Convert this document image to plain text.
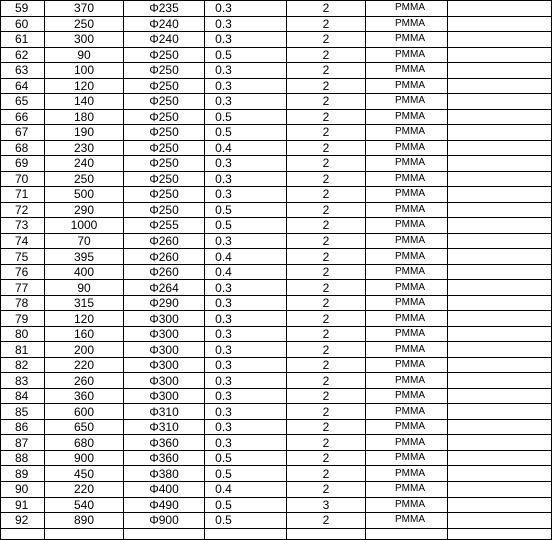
59	370	Φ235	0.3	2	PMMA	
60	250	Φ240	0.3	2	PMMA	
61	300	Φ240	0.3	2	PMMA	
62	90	Φ250	0.5	2	PMMA	
63	100	Φ250	0.3	2	PMMA	
64	120	Φ250	0.3	2	PMMA	
65	140	Φ250	0.3	2	PMMA	
66	180	Φ250	0.5	2	PMMA	
67	190	Φ250	0.5	2	PMMA	
68	230	Φ250	0.4	2	PMMA	
69	240	Φ250	0.3	2	PMMA	
70	250	Φ250	0.3	2	PMMA	
71	500	Φ250	0.3	2	PMMA	
72	290	Φ250	0.5	2	PMMA	
73	1000	Φ255	0.5	2	PMMA	
74	70	Φ260	0.3	2	PMMA	
75	395	Φ260	0.4	2	PMMA	
76	400	Φ260	0.4	2	PMMA	
77	90	Φ264	0.3	2	PMMA	
78	315	Φ290	0.3	2	PMMA	
79	120	Φ300	0.3	2	PMMA	
80	160	Φ300	0.3	2	PMMA	
81	200	Φ300	0.3	2	PMMA	
82	220	Φ300	0.3	2	PMMA	
83	260	Φ300	0.3	2	PMMA	
84	360	Φ300	0.3	2	PMMA	
85	600	Φ310	0.3	2	PMMA	
86	650	Φ310	0.3	2	PMMA	
87	680	Φ360	0.3	2	PMMA	
88	900	Φ360	0.5	2	PMMA	
89	450	Φ380	0.5	2	PMMA	
90	220	Φ400	0.4	2	PMMA	
91	540	Φ490	0.5	3	PMMA	
92	890	Φ900	0.5	2	PMMA	
